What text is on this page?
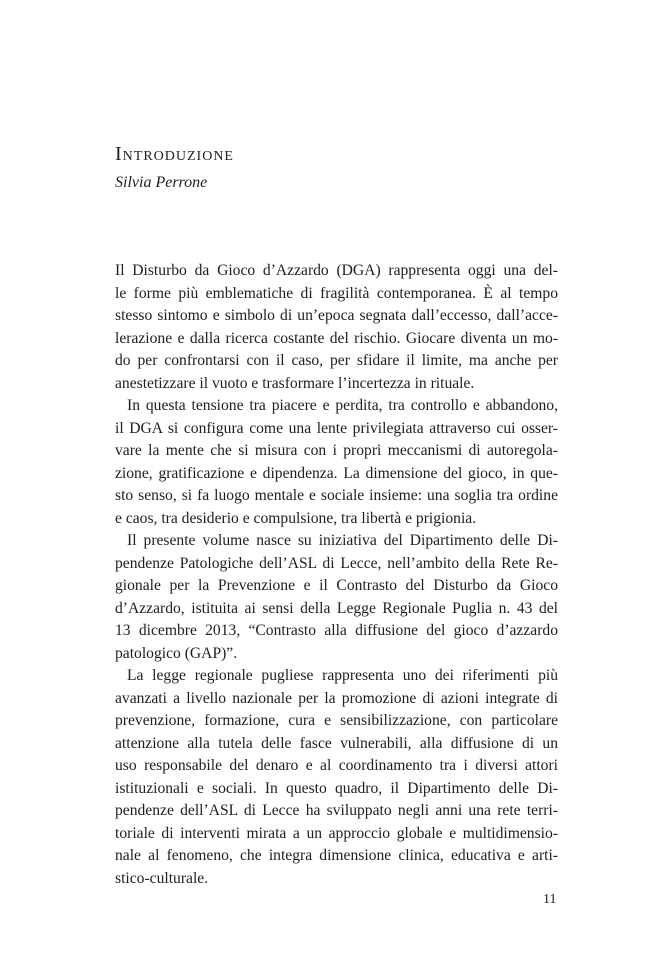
Introduzione
Silvia Perrone
Il Disturbo da Gioco d’Azzardo (DGA) rappresenta oggi una del-
le forme più emblematiche di fragilità contemporanea. È al tempo
stesso sintomo e simbolo di un’epoca segnata dall’eccesso, dall’acce-
lerazione e dalla ricerca costante del rischio. Giocare diventa un mo-
do per confrontarsi con il caso, per sfidare il limite, ma anche per
anestetizzare il vuoto e trasformare l’incertezza in rituale.
In questa tensione tra piacere e perdita, tra controllo e abbandono,
il DGA si configura come una lente privilegiata attraverso cui osser-
vare la mente che si misura con i propri meccanismi di autoregola-
zione, gratificazione e dipendenza. La dimensione del gioco, in que-
sto senso, si fa luogo mentale e sociale insieme: una soglia tra ordine
e caos, tra desiderio e compulsione, tra libertà e prigionia.
Il presente volume nasce su iniziativa del Dipartimento delle Di-
pendenze Patologiche dell’ASL di Lecce, nell’ambito della Rete Re-
gionale per la Prevenzione e il Contrasto del Disturbo da Gioco
d’Azzardo, istituita ai sensi della Legge Regionale Puglia n. 43 del
13 dicembre 2013, “Contrasto alla diffusione del gioco d’azzardo
patologico (GAP)”.
La legge regionale pugliese rappresenta uno dei riferimenti più
avanzati a livello nazionale per la promozione di azioni integrate di
prevenzione, formazione, cura e sensibilizzazione, con particolare
attenzione alla tutela delle fasce vulnerabili, alla diffusione di un
uso responsabile del denaro e al coordinamento tra i diversi attori
istituzionali e sociali. In questo quadro, il Dipartimento delle Di-
pendenze dell’ASL di Lecce ha sviluppato negli anni una rete terri-
toriale di interventi mirata a un approccio globale e multidimensio-
nale al fenomeno, che integra dimensione clinica, educativa e arti-
stico-culturale.
11
